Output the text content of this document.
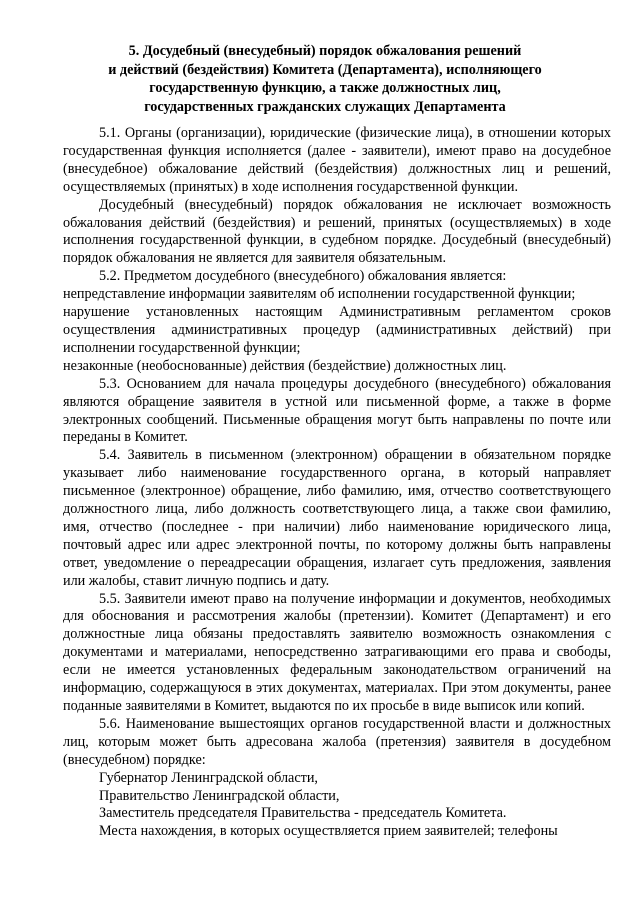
5. Досудебный (внесудебный) порядок обжалования решений
и действий (бездействия) Комитета (Департамента), исполняющего
государственную функцию, а также должностных лиц,
государственных гражданских служащих Департамента

5.1. Органы (организации), юридические (физические лица), в отношении которых государственная функция исполняется (далее - заявители), имеют право на досудебное (внесудебное) обжалование действий (бездействия) должностных лиц и решений, осуществляемых (принятых) в ходе исполнения государственной функции.

Досудебный (внесудебный) порядок обжалования не исключает возможность обжалования действий (бездействия) и решений, принятых (осуществляемых) в ходе исполнения государственной функции, в судебном порядке. Досудебный (внесудебный) порядок обжалования не является для заявителя обязательным.

5.2. Предметом досудебного (внесудебного) обжалования является:

непредставление информации заявителям об исполнении государственной функции;

нарушение установленных настоящим Административным регламентом сроков осуществления административных процедур (административных действий) при исполнении государственной функции;

незаконные (необоснованные) действия (бездействие) должностных лиц.

5.3. Основанием для начала процедуры досудебного (внесудебного) обжалования являются обращение заявителя в устной или письменной форме, а также в форме электронных сообщений. Письменные обращения могут быть направлены по почте или переданы в Комитет.

5.4. Заявитель в письменном (электронном) обращении в обязательном порядке указывает либо наименование государственного органа, в который направляет письменное (электронное) обращение, либо фамилию, имя, отчество соответствующего должностного лица, либо должность соответствующего лица, а также свои фамилию, имя, отчество (последнее - при наличии) либо наименование юридического лица, почтовый адрес или адрес электронной почты, по которому должны быть направлены ответ, уведомление о переадресации обращения, излагает суть предложения, заявления или жалобы, ставит личную подпись и дату.

5.5. Заявители имеют право на получение информации и документов, необходимых для обоснования и рассмотрения жалобы (претензии). Комитет (Департамент) и его должностные лица обязаны предоставлять заявителю возможность ознакомления с документами и материалами, непосредственно затрагивающими его права и свободы, если не имеется установленных федеральным законодательством ограничений на информацию, содержащуюся в этих документах, материалах. При этом документы, ранее поданные заявителями в Комитет, выдаются по их просьбе в виде выписок или копий.

5.6. Наименование вышестоящих органов государственной власти и должностных лиц, которым может быть адресована жалоба (претензия) заявителя в досудебном (внесудебном) порядке:

Губернатор Ленинградской области,

Правительство Ленинградской области,

Заместитель председателя Правительства - председатель Комитета.

Места нахождения, в которых осуществляется прием заявителей; телефоны
